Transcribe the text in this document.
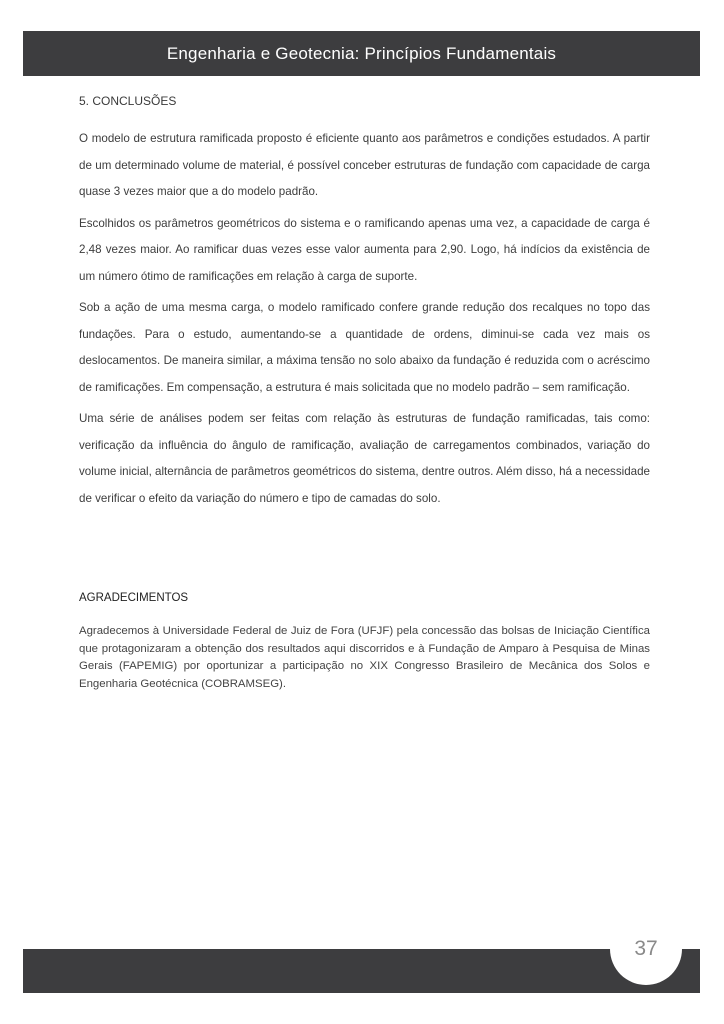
Engenharia e Geotecnia: Princípios Fundamentais
5. CONCLUSÕES

O modelo de estrutura ramificada proposto é eficiente quanto aos parâmetros e condições estudados. A partir de um determinado volume de material, é possível conceber estruturas de fundação com capacidade de carga quase 3 vezes maior que a do modelo padrão.

Escolhidos os parâmetros geométricos do sistema e o ramificando apenas uma vez, a capacidade de carga é 2,48 vezes maior. Ao ramificar duas vezes esse valor aumenta para 2,90. Logo, há indícios da existência de um número ótimo de ramificações em relação à carga de suporte.

Sob a ação de uma mesma carga, o modelo ramificado confere grande redução dos recalques no topo das fundações. Para o estudo, aumentando-se a quantidade de ordens, diminui-se cada vez mais os deslocamentos. De maneira similar, a máxima tensão no solo abaixo da fundação é reduzida com o acréscimo de ramificações. Em compensação, a estrutura é mais solicitada que no modelo padrão – sem ramificação.

Uma série de análises podem ser feitas com relação às estruturas de fundação ramificadas, tais como: verificação da influência do ângulo de ramificação, avaliação de carregamentos combinados, variação do volume inicial, alternância de parâmetros geométricos do sistema, dentre outros. Além disso, há a necessidade de verificar o efeito da variação do número e tipo de camadas do solo.

AGRADECIMENTOS

Agradecemos à Universidade Federal de Juiz de Fora (UFJF) pela concessão das bolsas de Iniciação Científica que protagonizaram a obtenção dos resultados aqui discorridos e à Fundação de Amparo à Pesquisa de Minas Gerais (FAPEMIG) por oportunizar a participação no XIX Congresso Brasileiro de Mecânica dos Solos e Engenharia Geotécnica (COBRAMSEG).

37
